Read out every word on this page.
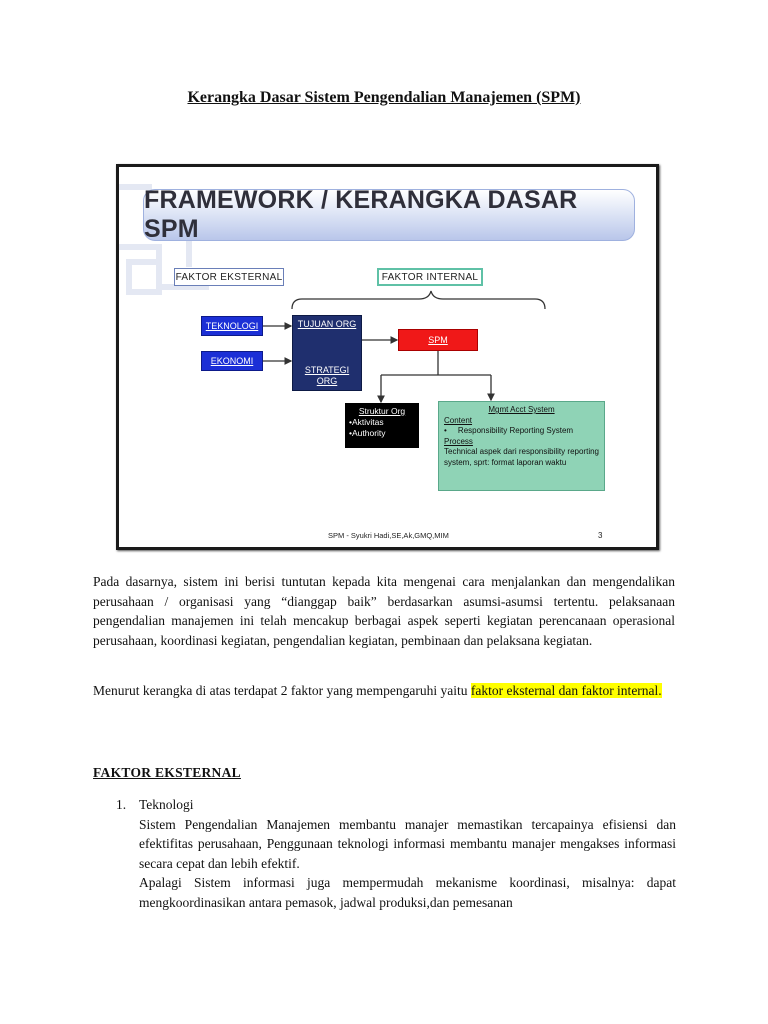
Kerangka Dasar Sistem Pengendalian Manajemen (SPM)
FRAMEWORK / KERANGKA DASAR SPM
FAKTOR EKSTERNAL	FAKTOR INTERNAL
TEKNOLOGI
EKONOMI
TUJUAN ORG
STRATEGI
ORG
SPM
Struktur Org
•Aktivitas
•Authority
Mgmt Acct System
Content
•     Responsibility Reporting System
Process
Technical aspek dari responsibility reporting system, sprt: format laporan waktu
SPM - Syukri Hadi,SE,Ak,GMQ,MIM	3

Pada dasarnya, sistem ini berisi tuntutan kepada kita mengenai cara menjalankan dan mengendalikan perusahaan / organisasi yang “dianggap baik” berdasarkan asumsi-asumsi tertentu. pelaksanaan pengendalian manajemen ini telah mencakup berbagai aspek seperti kegiatan perencanaan operasional perusahaan, koordinasi kegiatan, pengendalian kegiatan, pembinaan dan pelaksana kegiatan.

Menurut kerangka di atas terdapat 2 faktor yang mempengaruhi yaitu faktor eksternal dan faktor internal.

FAKTOR EKSTERNAL
1. Teknologi
Sistem Pengendalian Manajemen membantu manajer memastikan tercapainya efisiensi dan efektifitas perusahaan, Penggunaan teknologi informasi membantu manajer mengakses informasi secara cepat dan lebih efektif.
Apalagi Sistem informasi juga mempermudah mekanisme koordinasi, misalnya: dapat mengkoordinasikan antara pemasok, jadwal produksi,dan pemesanan
